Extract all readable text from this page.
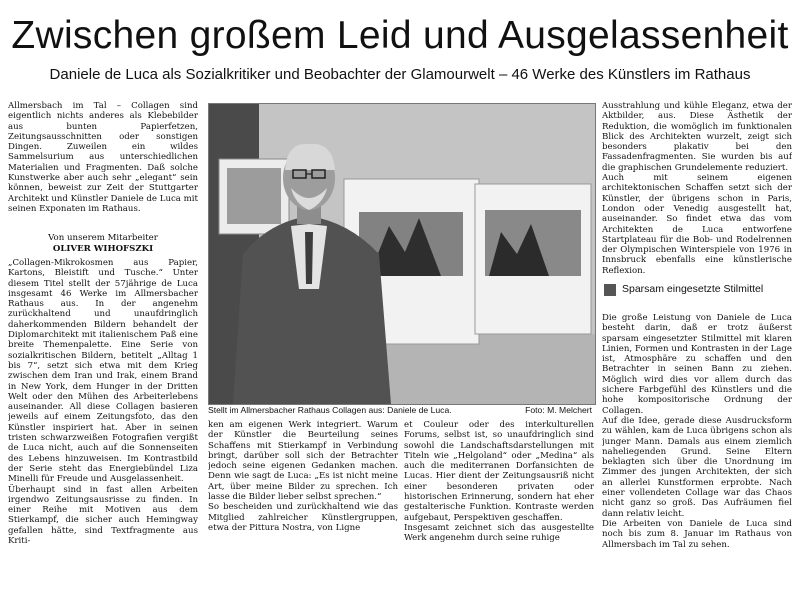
Zwischen großem Leid und Ausgelassenheit
Daniele de Luca als Sozialkritiker und Beobachter der Glamourwelt – 46 Werke des Künstlers im Rathaus
Allmersbach im Tal – Collagen sind eigentlich nichts anderes als Klebebilder aus bunten Papierfetzen, Zeitungsausschnitten oder sonstigen Dingen. Zuweilen ein wildes Sammelsurium aus unterschiedlichen Materialien und Fragmenten. Daß solche Kunstwerke aber auch sehr „elegant“ sein können, beweist zur Zeit der Stuttgarter Architekt und Künstler Daniele de Luca mit seinen Exponaten im Rathaus.
Von unserem Mitarbeiter
OLIVER WIHOFSZKI
„Collagen-Mikrokosmen aus Papier, Kartons, Bleistift und Tusche.“ Unter diesem Titel stellt der 57jährige de Luca insgesamt 46 Werke im Allmersbacher Rathaus aus. In der angenehm zurückhaltend und unaufdringlich daherkommenden Bildern behandelt der Diplomarchitekt mit italienischem Paß eine breite Themenpalette. Eine Serie von sozialkritischen Bildern, betitelt „Alltag 1 bis 7“, setzt sich etwa mit dem Krieg zwischen dem Iran und Irak, einem Brand in New York, dem Hunger in der Dritten Welt oder den Mühen des Arbeiterlebens auseinander. All diese Collagen basieren jeweils auf einem Zeitungsfoto, das den Künstler inspiriert hat. Aber in seinen tristen schwarzweißen Fotografien vergißt de Luca nicht, auch auf die Sonnenseiten des Lebens hinzuweisen. Im Kontrastbild der Serie steht das Energiebündel Liza Minelli für Freude und Ausgelassenheit.
Überhaupt sind in fast allen Arbeiten irgendwo Zeitungsausrisse zu finden. In einer Reihe mit Motiven aus dem Stierkampf, die sicher auch Hemingway gefallen hätte, sind Textfragmente aus Kriti-
Stellt im Allmersbacher Rathaus Collagen aus: Daniele de Luca.	Foto: M. Melchert
ken am eigenen Werk integriert. Warum der Künstler die Beurteilung seines Schaffens mit Stierkampf in Verbindung bringt, darüber soll sich der Betrachter jedoch seine eigenen Gedanken machen. Denn wie sagt de Luca: „Es ist nicht meine Art, über meine Bilder zu sprechen. Ich lasse die Bilder lieber selbst sprechen.“
So bescheiden und zurückhaltend wie das Mitglied zahlreicher Künstlergruppen, etwa der Pittura Nostra, von Ligne
et Couleur oder des interkulturellen Forums, selbst ist, so unaufdringlich sind sowohl die Landschaftsdarstellungen mit Titeln wie „Helgoland“ oder „Medina“ als auch die mediterranen Dorfansichten de Lucas. Hier dient der Zeitungsausriß nicht einer besonderen privaten oder historischen Erinnerung, sondern hat eher gestalterische Funktion. Kontraste werden aufgebaut, Perspektiven geschaffen.
Insgesamt zeichnet sich das ausgestellte Werk angenehm durch seine ruhige
Ausstrahlung und kühle Eleganz, etwa der Aktbilder, aus. Diese Ästhetik der Reduktion, die womöglich im funktionalen Blick des Architekten wurzelt, zeigt sich besonders plakativ bei den Fassadenfragmenten. Sie wurden bis auf die graphischen Grundelemente reduziert.
Auch mit seinem eigenen architektonischen Schaffen setzt sich der Künstler, der übrigens schon in Paris, London oder Venedig ausgestellt hat, auseinander. So findet etwa das vom Architekten de Luca entworfene Startplateau für die Bob- und Rodelrennen der Olympischen Winterspiele von 1976 in Innsbruck ebenfalls eine künstlerische Reflexion.
Sparsam eingesetzte Stilmittel
Die große Leistung von Daniele de Luca besteht darin, daß er trotz äußerst sparsam eingesetzter Stilmittel mit klaren Linien, Formen und Kontrasten in der Lage ist, Atmosphäre zu schaffen und den Betrachter in seinen Bann zu ziehen. Möglich wird dies vor allem durch das sichere Farbgefühl des Künstlers und die hohe kompositorische Ordnung der Collagen.
Auf die Idee, gerade diese Ausdrucksform zu wählen, kam de Luca übrigens schon als junger Mann. Damals aus einem ziemlich naheliegenden Grund. Seine Eltern beklagten sich über die Unordnung im Zimmer des jungen Architekten, der sich an allerlei Kunstformen erprobte. Nach einer vollendeten Collage war das Chaos nicht ganz so groß. Das Aufräumen fiel dann relativ leicht.
Die Arbeiten von Daniele de Luca sind noch bis zum 8. Januar im Rathaus von Allmersbach im Tal zu sehen.
